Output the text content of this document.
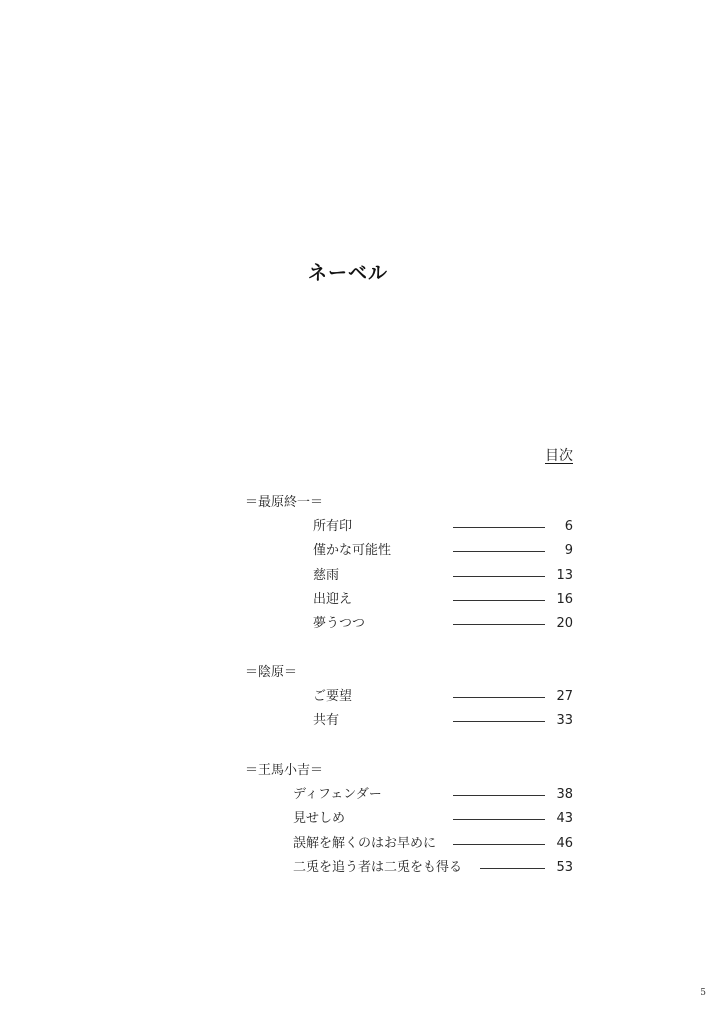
ネーベル
目次
＝最原終一＝
所有印	6
僅かな可能性	9
慈雨	13
出迎え	16
夢うつつ	20
＝陰原＝
ご要望	27
共有	33
＝王馬小吉＝
ディフェンダー	38
見せしめ	43
誤解を解くのはお早めに	46
二兎を追う者は二兎をも得る	53
5
